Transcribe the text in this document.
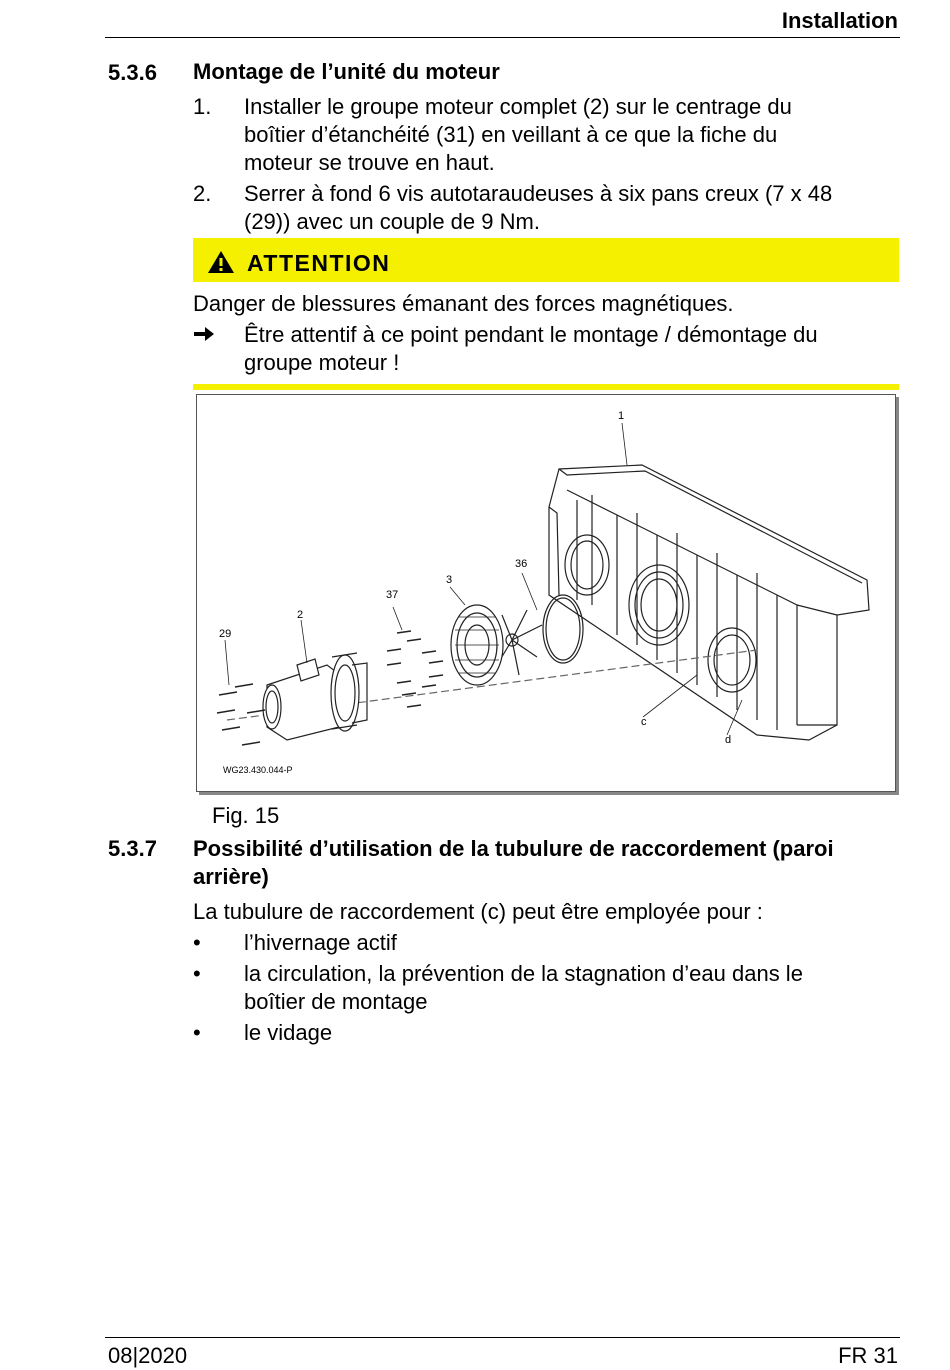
Installation
5.3.6 Montage de l’unité du moteur
1. Installer le groupe moteur complet (2) sur le centrage du
boîtier d’étanchéité (31) en veillant à ce que la fiche du
moteur se trouve en haut.
2. Serrer à fond 6 vis autotaraudeuses à six pans creux (7 x 48
(29)) avec un couple de 9 Nm.
ATTENTION
Danger de blessures émanant des forces magnétiques.
Être attentif à ce point pendant le montage / démontage du
groupe moteur !
1
36
3
37
2
29
c
d
WG23.430.044-P
Fig. 15
5.3.7 Possibilité d’utilisation de la tubulure de raccordement (paroi
arrière)
La tubulure de raccordement (c) peut être employée pour :
• l’hivernage actif
• la circulation, la prévention de la stagnation d’eau dans le
boîtier de montage
• le vidage
08|2020	FR 31
